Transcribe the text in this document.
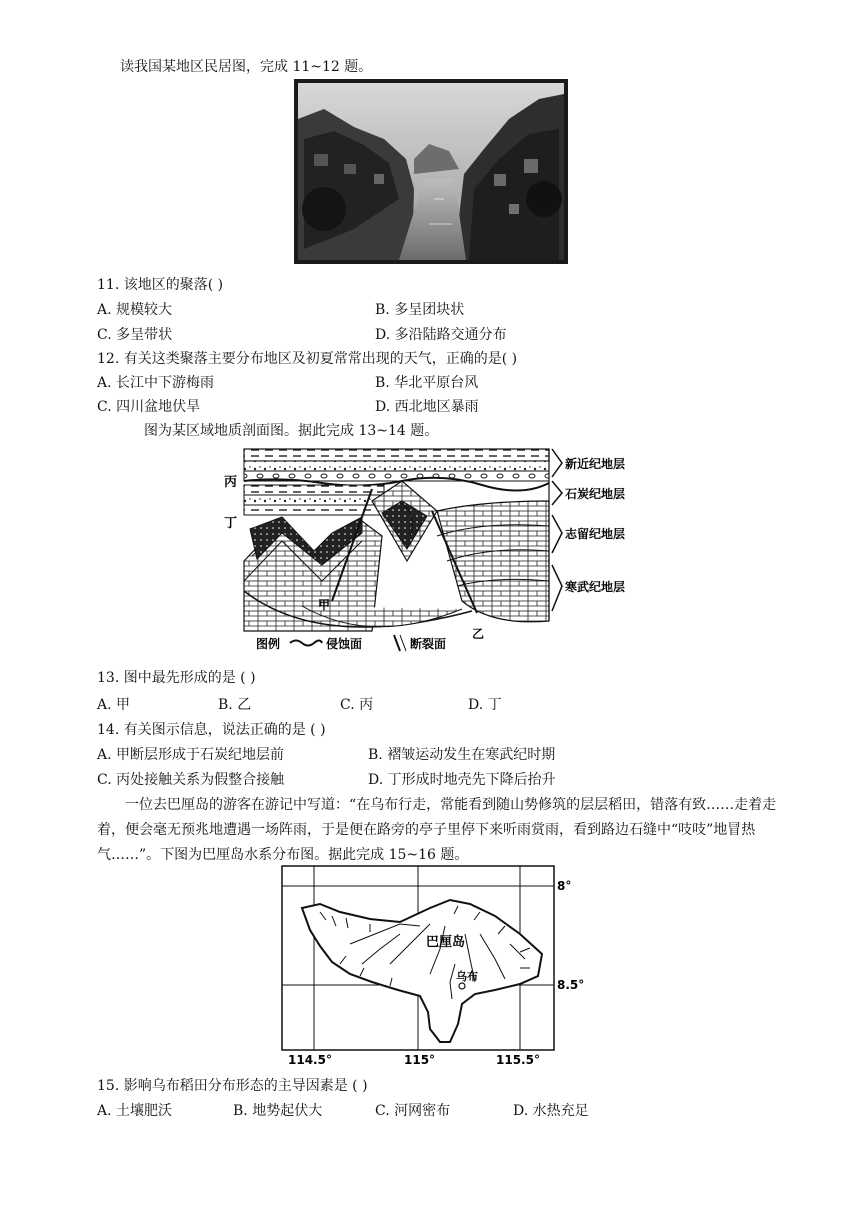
读我国某地区民居图，完成 11~12 题。
11. 该地区的聚落( )
A. 规模较大	B. 多呈团块状
C. 多呈带状	D. 多沿陆路交通分布
12. 有关这类聚落主要分布地区及初夏常常出现的天气，正确的是( )
A. 长江中下游梅雨	B. 华北平原台风
C. 四川盆地伏旱	D. 西北地区暴雨
图为某区域地质剖面图。据此完成 13~14 题。
新近纪地层
石炭纪地层
志留纪地层
寒武纪地层
丙
丁
甲
乙
图例	侵蚀面	断裂面
13. 图中最先形成的是 ( )
A. 甲	B. 乙	C. 丙	D. 丁
14. 有关图示信息，说法正确的是 ( )
A. 甲断层形成于石炭纪地层前	B. 褶皱运动发生在寒武纪时期
C. 丙处接触关系为假整合接触	D. 丁形成时地壳先下降后抬升
一位去巴厘岛的游客在游记中写道：“在乌布行走，常能看到随山势修筑的层层稻田，错落有致……走着走着，便会毫无预兆地遭遇一场阵雨，于是便在路旁的亭子里停下来听雨赏雨，看到路边石缝中“吱吱”地冒热气……”。下图为巴厘岛水系分布图。据此完成 15~16 题。
巴厘岛
乌布
8°
8.5°
114.5°	115°	115.5°
15. 影响乌布稻田分布形态的主导因素是 ( )
A. 土壤肥沃	B. 地势起伏大	C. 河网密布	D. 水热充足
